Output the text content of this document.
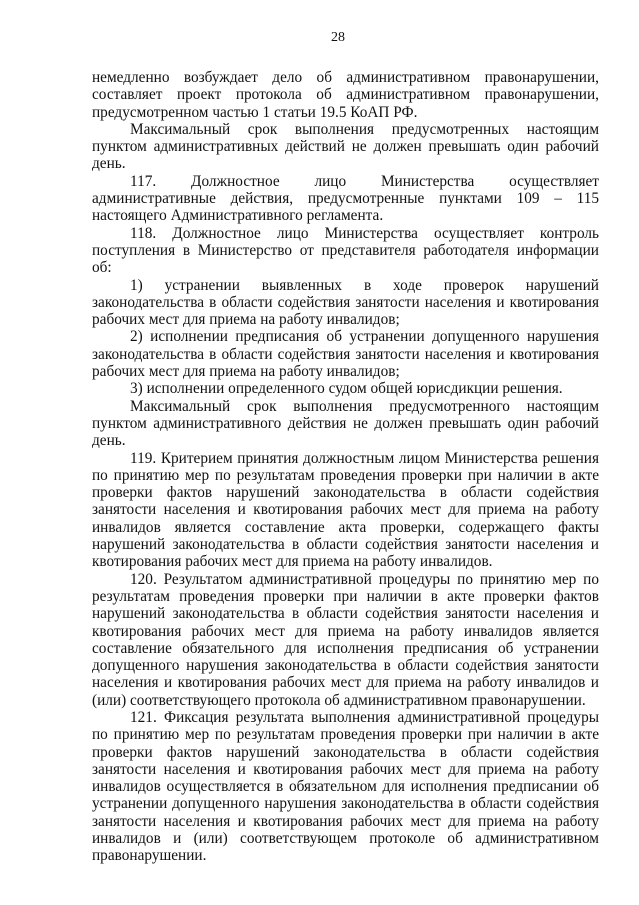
28

немедленно возбуждает дело об административном правонарушении, составляет проект протокола об административном правонарушении, предусмотренном частью 1 статьи 19.5 КоАП РФ.

Максимальный срок выполнения предусмотренных настоящим пунктом административных действий не должен превышать один рабочий день.

117. Должностное лицо Министерства осуществляет административные действия, предусмотренные пунктами 109 – 115 настоящего Административного регламента.

118. Должностное лицо Министерства осуществляет контроль поступления в Министерство от представителя работодателя информации об:

1) устранении выявленных в ходе проверок нарушений законодательства в области содействия занятости населения и квотирования рабочих мест для приема на работу инвалидов;

2) исполнении предписания об устранении допущенного нарушения законодательства в области содействия занятости населения и квотирования рабочих мест для приема на работу инвалидов;

3) исполнении определенного судом общей юрисдикции решения.

Максимальный срок выполнения предусмотренного настоящим пунктом административного действия не должен превышать один рабочий день.

119. Критерием принятия должностным лицом Министерства решения по принятию мер по результатам проведения проверки при наличии в акте проверки фактов нарушений законодательства в области содействия занятости населения и квотирования рабочих мест для приема на работу инвалидов является составление акта проверки, содержащего факты нарушений законодательства в области содействия занятости населения и квотирования рабочих мест для приема на работу инвалидов.

120. Результатом административной процедуры по принятию мер по результатам проведения проверки при наличии в акте проверки фактов нарушений законодательства в области содействия занятости населения и квотирования рабочих мест для приема на работу инвалидов является составление обязательного для исполнения предписания об устранении допущенного нарушения законодательства в области содействия занятости населения и квотирования рабочих мест для приема на работу инвалидов и (или) соответствующего протокола об административном правонарушении.

121. Фиксация результата выполнения административной процедуры по принятию мер по результатам проведения проверки при наличии в акте проверки фактов нарушений законодательства в области содействия занятости населения и квотирования рабочих мест для приема на работу инвалидов осуществляется в обязательном для исполнения предписании об устранении допущенного нарушения законодательства в области содействия занятости населения и квотирования рабочих мест для приема на работу инвалидов и (или) соответствующем протоколе об административном правонарушении.
